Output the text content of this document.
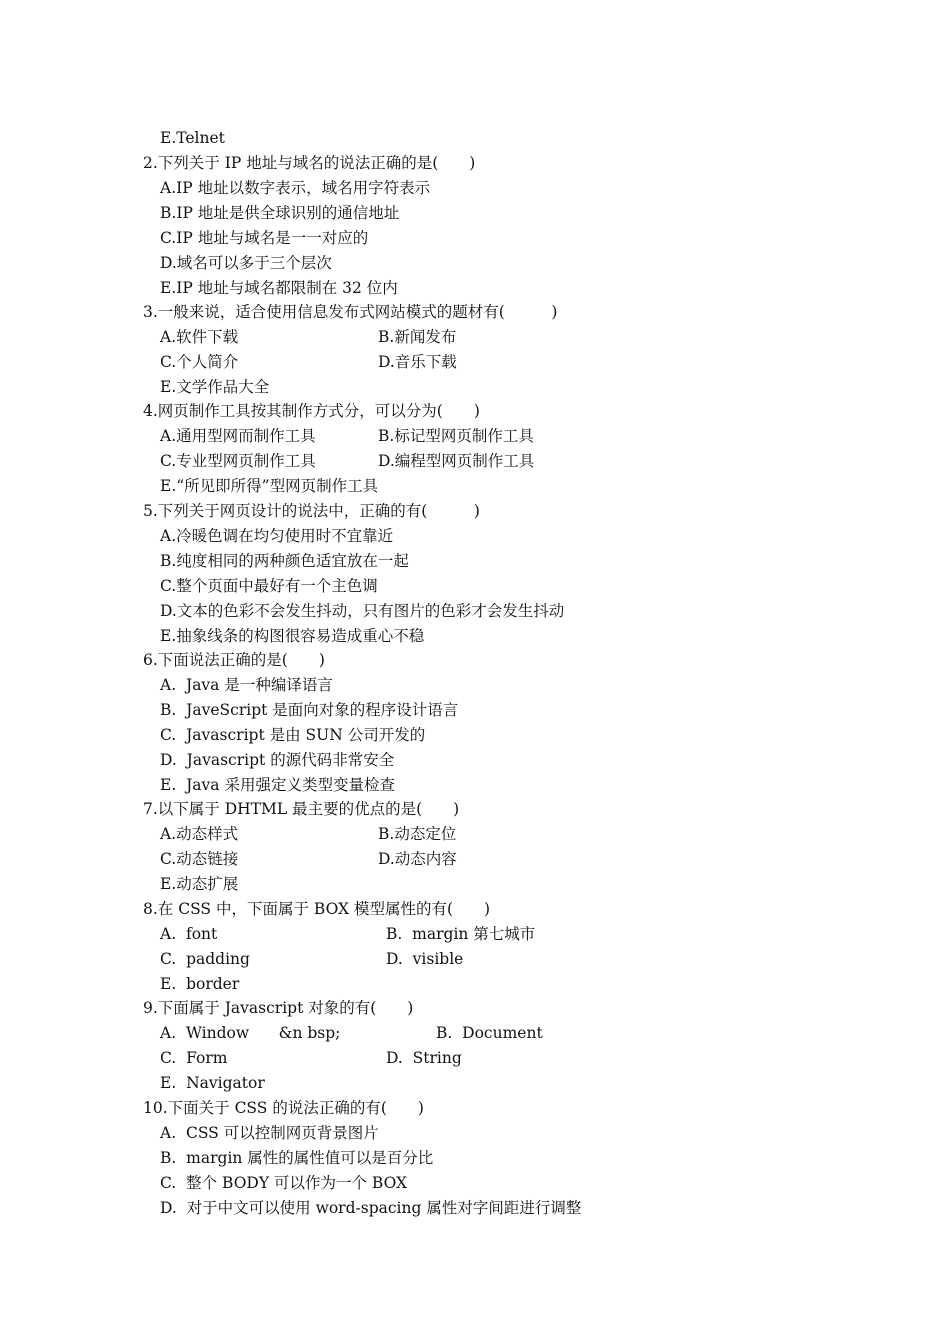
E.Telnet
2.下列关于 IP 地址与域名的说法正确的是(　　)
A.IP 地址以数字表示，域名用字符表示
B.IP 地址是供全球识别的通信地址
C.IP 地址与域名是一一对应的
D.域名可以多于三个层次
E.IP 地址与域名都限制在 32 位内
3.一般来说，适合使用信息发布式网站模式的题材有(　　　)
A.软件下载	B.新闻发布
C.个人简介	D.音乐下载
E.文学作品大全
4.网页制作工具按其制作方式分，可以分为(　　)
A.通用型网而制作工具	B.标记型网页制作工具
C.专业型网页制作工具	D.编程型网页制作工具
E.“所见即所得”型网页制作工具
5.下列关于网页设计的说法中，正确的有(　　　)
A.冷暖色调在均匀使用时不宜靠近
B.纯度相同的两种颜色适宜放在一起
C.整个页面中最好有一个主色调
D.文本的色彩不会发生抖动，只有图片的色彩才会发生抖动
E.抽象线条的构图很容易造成重心不稳
6.下面说法正确的是(　　)
A.  Java 是一种编译语言
B.  JaveScript 是面向对象的程序设计语言
C.  Javascript 是由 SUN 公司开发的
D.  Javascript 的源代码非常安全
E.  Java 采用强定义类型变量检查
7.以下属于 DHTML 最主要的优点的是(　　)
A.动态样式	B.动态定位
C.动态链接	D.动态内容
E.动态扩展
8.在 CSS 中，下面属于 BOX 模型属性的有(　　)
A.  font	B.  margin 第七城市
C.  padding	D.  visible
E.  border
9.下面属于 Javascript 对象的有(　　)
A.  Window      &n bsp;	B.  Document
C.  Form	D.  String
E.  Navigator
10.下面关于 CSS 的说法正确的有(　　)
A.  CSS 可以控制网页背景图片
B.  margin 属性的属性值可以是百分比
C.  整个 BODY 可以作为一个 BOX
D.  对于中文可以使用 word-spacing 属性对字间距进行调整
